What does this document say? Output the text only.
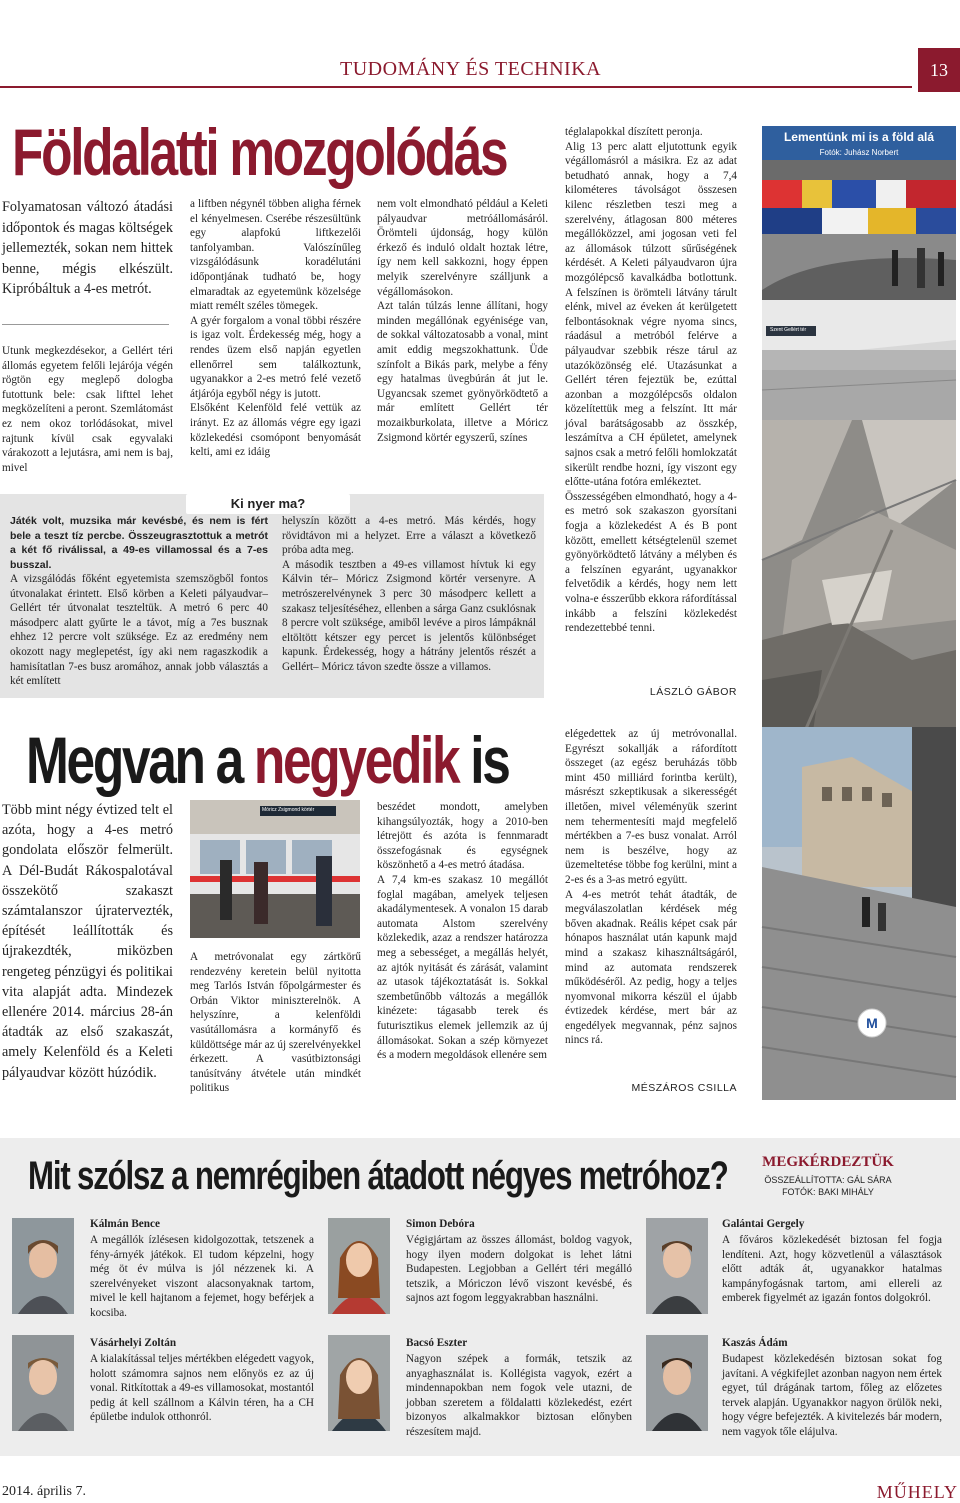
TUDOMÁNY ÉS TECHNIKA	13
Földalatti mozgolódás
Folyamatosan változó átadási időpontok és magas költségek jellemezték, sokan nem hittek benne, mégis elkészült. Kipróbáltuk a 4-es metrót.
Utunk megkezdésekor, a Gellért téri állomás egyetem felőli lejárója végén rögtön egy meglepő dologba futottunk bele: csak lifttel lehet megközelíteni a peront. Szemlátomást ez nem okoz torlódásokat, mivel rajtunk kívül csak egyvalaki várakozott a lejutásra, ami nem is baj, mivel
a liftben négynél többen aligha férnek el kényelmesen. Cserébe részesültünk egy alapfokú liftkezelői tanfolyamban. Valószínűleg vizsgálódásunk koradélutáni időpontjának tudható be, hogy elmaradtak az egyetemünk közelsége miatt remélt széles tömegek.
A gyér forgalom a vonal többi részére is igaz volt. Érdekesség még, hogy a rendes üzem első napján egyetlen ellenőrrel sem találkoztunk, ugyanakkor a 2-es metró felé vezető átjárója egyből négy is jutott.
Elsőként Kelenföld felé vettük az irányt. Ez az állomás végre egy igazi közlekedési csomópont benyomását kelti, ami ez idáig
nem volt elmondható például a Keleti pályaudvar metróállomásáról. Örömteli újdonság, hogy külön érkező és induló oldalt hoztak létre, így nem kell sakkozni, hogy éppen melyik szerelvényre szálljunk a végállomásokon.
Azt talán túlzás lenne állítani, hogy minden megállónak egyénisége van, de sokkal változatosabb a vonal, mint amit eddig megszokhattunk. Üde színfolt a Bikás park, melybe a fény egy hatalmas üvegbúrán át jut le. Ugyancsak szemet gyönyörködtető a már említett Gellért tér mozaikburkolata, illetve a Móricz Zsigmond körtér egyszerű, színes
Lementünk mi is a föld alá
Fotók: Juhász Norbert
Szent Gellért tér
téglalapokkal díszített peronja.
Alig 13 perc alatt eljutottunk egyik végállomásról a másikra. Ez az adat betudható annak, hogy a 7,4 kilométeres távolságot összesen kilenc részletben teszi meg a szerelvény, átlagosan 800 méteres megállóközzel, ami jogosan veti fel az állomások túlzott sűrűségének kérdését. A Keleti pályaudvaron újra mozgólépcső kavalkádba botlottunk. A felszínen is örömteli látvány tárult elénk, mivel az éveken át kerülgetett felbontásoknak végre nyoma sincs, ráadásul a metróból felérve a pályaudvar szebbik része tárul az utazóközönség elé. Utazásunkat a Gellért téren fejeztük be, ezúttal azonban a mozgólépcsős oldalon közelítettük meg a felszínt. Itt már jóval barátságosabb az összkép, leszámítva a CH épületet, amelynek sajnos csak a metró felőli homlokzatát sikerült rendbe hozni, így viszont egy előtte-utána fotóra emlékeztet.
Összességében elmondható, hogy a 4-es metró sok szakaszon gyorsítani fogja a közlekedést A és B pont között, emellett kétségtelenül szemet gyönyörködtető látvány a mélyben és a felszínen egyaránt, ugyanakkor felvetődik a kérdés, hogy nem lett volna-e ésszerűbb ekkora ráfordítással inkább a felszíni közlekedést rendezettebbé tenni.
LÁSZLÓ GÁBOR
Ki nyer ma?
Játék volt, muzsika már kevésbé, és nem is fért bele a teszt tíz percbe. Összeugrasztottuk a metrót a két fő riválissal, a 49-es villamossal és a 7-es busszal.
A vizsgálódás főként egyetemista szemszögből fontos útvonalakat érintett. Első körben a Keleti pályaudvar– Gellért tér útvonalat teszteltük. A metró 6 perc 40 másodperc alatt gyűrte le a távot, míg a 7es busznak ehhez 12 percre volt szüksége. Ez az eredmény nem okozott nagy meglepetést, így aki nem ragaszkodik a hamisítatlan 7-es busz aromához, annak jobb választás a két említett
helyszín között a 4-es metró. Más kérdés, hogy rövidtávon mi a helyzet. Erre a választ a következő próba adta meg.
A második tesztben a 49-es villamost hívtuk ki egy Kálvin tér– Móricz Zsigmond körtér versenyre. A metrószerelvénynek 3 perc 30 másodperc kellett a szakasz teljesítéséhez, ellenben a sárga Ganz csuklósnak 8 percre volt szüksége, amiből levéve a piros lámpáknál eltöltött kétszer egy percet is jelentős különbséget kapunk. Érdekesség, hogy a hátrány jelentős részét a Gellért– Móricz távon szedte össze a villamos.
Megvan a negyedik is
Több mint négy évtized telt el azóta, hogy a 4-es metró gondolata először felmerült. A Dél-Budát Rákospalotával összekötő szakaszt számtalanszor újratervezték, építését leállították és újrakezdték, miközben rengeteg pénzügyi és politikai vita alapját adta. Mindezek ellenére 2014. március 28-án átadták az első szakaszát, amely Kelenföld és a Keleti pályaudvar között húzódik.
Móricz Zsigmond körtér
A metróvonalat egy zártkörű rendezvény keretein belül nyitotta meg Tarlós István főpolgármester és Orbán Viktor miniszterelnök. A helyszínre, a kelenföldi vasútállomásra a kormányfő és küldöttsége már az új szerelvényekkel érkezett. A vasútbiztonsági tanúsítvány átvétele után mindkét politikus
beszédet mondott, amelyben kihangsúlyozták, hogy a 2010-ben létrejött és azóta is fennmaradt összefogásnak és egységnek köszönhető a 4-es metró átadása.
A 7,4 km-es szakasz 10 megállót foglal magában, amelyek teljesen akadálymentesek. A vonalon 15 darab automata Alstom szerelvény közlekedik, azaz a rendszer határozza meg a sebességet, a megállás helyét, az ajtók nyitását és zárását, valamint az utasok tájékoztatását is. Sokkal szembetűnőbb változás a megállók kinézete: tágasabb terek és futurisztikus elemek jellemzik az új állomásokat. Sokan a szép környezet és a modern megoldások ellenére sem
elégedettek az új metróvonallal. Egyrészt sokallják a ráfordított összeget (az egész beruházás több mint 450 milliárd forintba került), másrészt szkeptikusak a sikerességét illetően, mivel véleményük szerint nem tehermentesíti majd megfelelő mértékben a 7-es busz vonalat. Arról nem is beszélve, hogy az üzemeltetése többe fog kerülni, mint a 2-es és a 3-as metró együtt.
A 4-es metrót tehát átadták, de megválaszolatlan kérdések még bőven akadnak. Reális képet csak pár hónapos használat után kapunk majd mind a szakasz kihasználtságáról, mind az automata rendszerek működéséről. Az pedig, hogy a teljes nyomvonal mikorra készül el újabb évtizedek kérdése, mert bár az engedélyek megvannak, pénz sajnos nincs rá.
MÉSZÁROS CSILLA
M
Mit szólsz a nemrégiben átadott négyes metróhoz?	MEGKÉRDEZTÜK
ÖSSZEÁLLÍTOTTA: GÁL SÁRA
FOTÓK: BAKI MIHÁLY
Kálmán Bence
A megállók ízlésesen kidolgozottak, tetszenek a fény-árnyék játékok. El tudom képzelni, hogy még öt év múlva is jól nézzenek ki. A szerelvényeket viszont alacsonyaknak tartom, mivel le kell hajtanom a fejemet, hogy beférjek a kocsiba.
Simon Debóra
Végigjártam az összes állomást, boldog vagyok, hogy ilyen modern dolgokat is lehet látni Budapesten. Legjobban a Gellért téri megálló tetszik, a Móriczon lévő viszont kevésbé, és sajnos azt fogom leggyakrabban használni.
Galántai Gergely
A főváros közlekedését biztosan fel fogja lendíteni. Azt, hogy közvetlenül a választások előtt adták át, ugyanakkor hatalmas kampányfogásnak tartom, ami ellereli az emberek figyelmét az igazán fontos dolgokról.
Vásárhelyi Zoltán
A kialakítással teljes mértékben elégedett vagyok, holott számomra sajnos nem előnyös ez az új vonal. Ritkítottak a 49-es villamosokat, mostantól pedig át kell szállnom a Kálvin téren, ha a CH épületbe indulok otthonról.
Bacsó Eszter
Nagyon szépek a formák, tetszik az anyaghasználat is. Kollégista vagyok, ezért a mindennapokban nem fogok vele utazni, de jobban szeretem a földalatti közlekedést, ezért bizonyos alkalmakkor biztosan előnyben részesítem majd.
Kaszás Ádám
Budapest közlekedésén biztosan sokat fog javítani. A végkifejlet azonban nagyon nem értek egyet, túl drágának tartom, főleg az előzetes tervek alapján. Ugyanakkor nagyon örülök neki, hogy végre befejezték. A kivitelezés bár modern, nem vagyok tőle elájulva.
2014. április 7.	MŰHELY
